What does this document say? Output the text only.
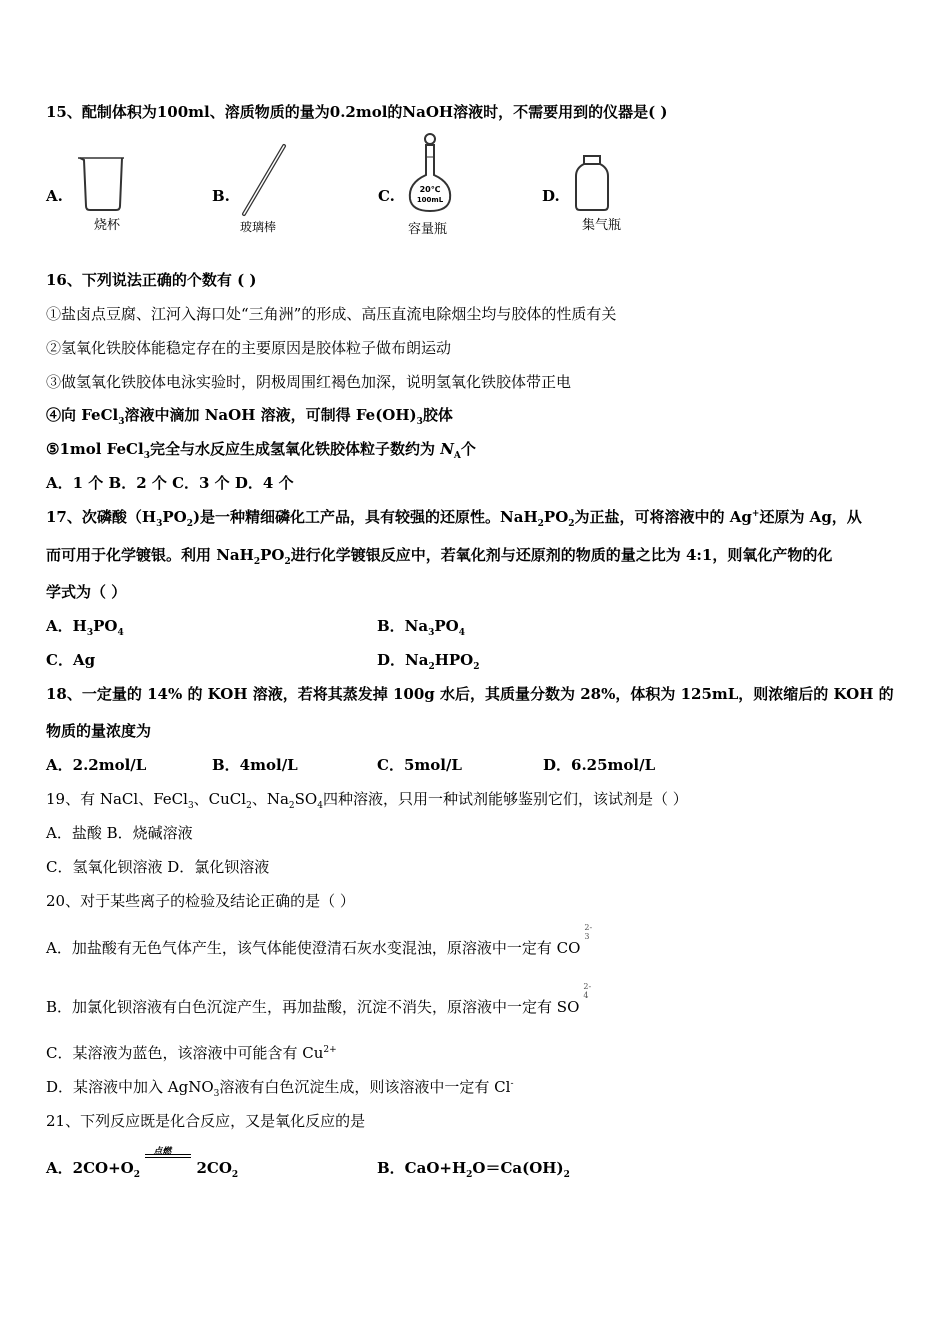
15、配制体积为100ml、溶质物质的量为0.2mol的NaOH溶液时，不需要用到的仪器是( )
A.
烧杯
B.
玻璃棒
C.	20℃
100mL
容量瓶
D.
集气瓶
16、下列说法正确的个数有 ( )
①盐卤点豆腐、江河入海口处“三角洲”的形成、高压直流电除烟尘均与胶体的性质有关
②氢氧化铁胶体能稳定存在的主要原因是胶体粒子做布朗运动
③做氢氧化铁胶体电泳实验时，阴极周围红褐色加深，说明氢氧化铁胶体带正电
④向 FeCl$_3$溶液中滴加 NaOH 溶液，可制得 $Fe(OH)_3$胶体
⑤1mol FeCl$_3$完全与水反应生成氢氧化铁胶体粒子数约为 $N_A$个
A．1 个 B．2 个 C．3 个 D．4 个
17、次磷酸$(H_3PO_2)$是一种精细磷化工产品，具有较强的还原性。$NaH_2PO_2$为正盐，可将溶液中的 Ag+还原为 Ag，从
而可用于化学镀银。利用 $NaH_2PO_2$进行化学镀银反应中，若氧化剂与还原剂的物质的量之比为 4:1，则氧化产物的化
学式为（ ）
A．$H_3PO_4$	B．$Na_3PO_4$
C．Ag	D．$Na_2HPO_2$
18、一定量的 14% 的 KOH 溶液，若将其蒸发掉 100g 水后，其质量分数为 28%，体积为 125mL，则浓缩后的 KOH 的
物质的量浓度为
A．2.2mol/L	B．4mol/L	C．5mol/L	D．6.25mol/L
19、有 NaCl、FeCl$_3$、CuCl$_2$、$Na_2SO_4$四种溶液，只用一种试剂能够鉴别它们，该试剂是（ ）
A．盐酸 B．烧碱溶液
C．氢氧化钡溶液 D．氯化钡溶液
20、对于某些离子的检验及结论正确的是（ ）
A．加盐酸有无色气体产生，该气体能使澄清石灰水变混浊，原溶液中一定有 CO
2-
3
B．加氯化钡溶液有白色沉淀产生，再加盐酸，沉淀不消失，原溶液中一定有 SO
2-
4
C．某溶液为蓝色，该溶液中可能含有 $Cu^{2+}$
D．某溶液中加入 AgNO$_3$溶液有白色沉淀生成，则该溶液中一定有 Cl-
21、下列反应既是化合反应，又是氧化反应的是
A．$2CO+O_2$
点燃
$2CO_2$	B．$CaO+H_2O=Ca(OH)_2$
